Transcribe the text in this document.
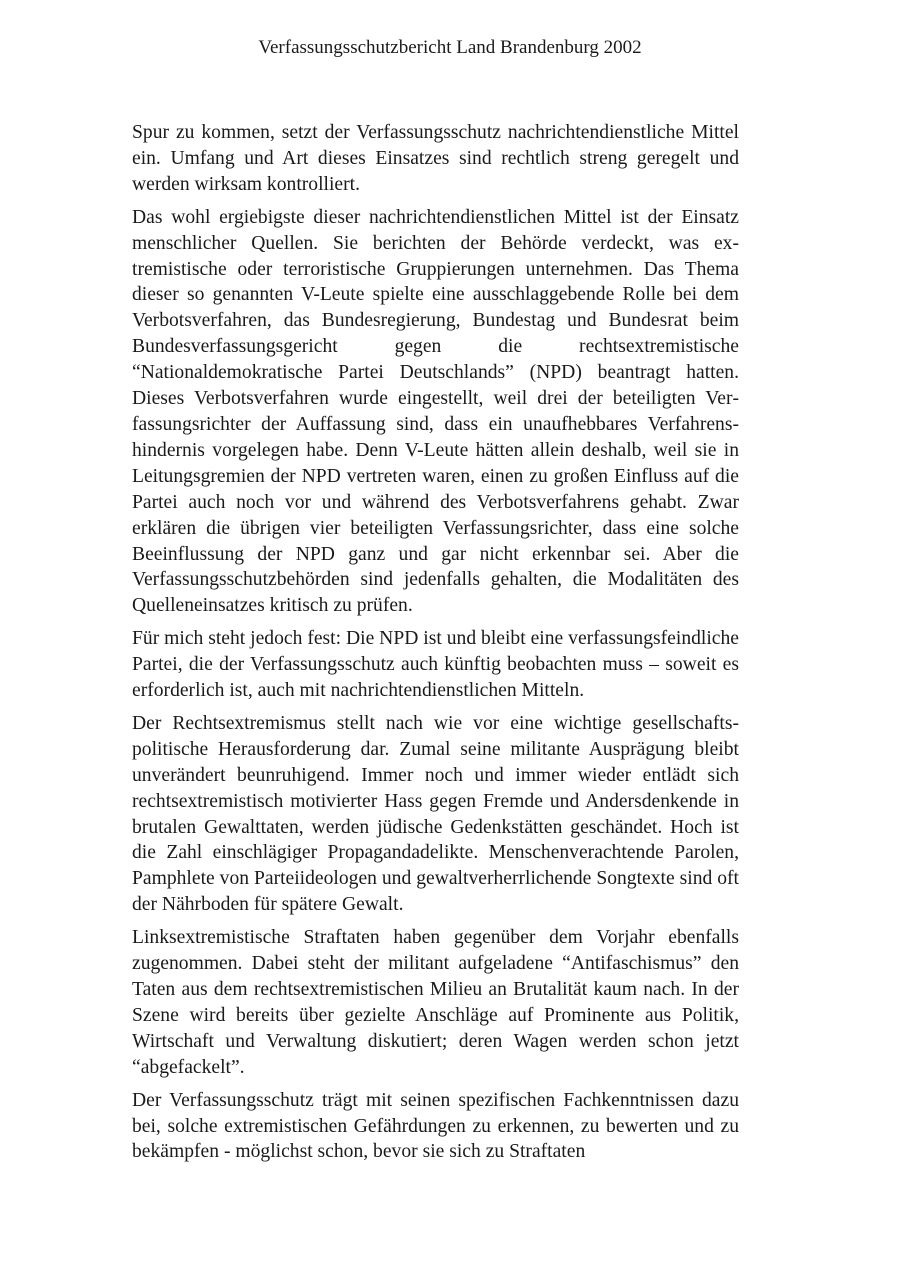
Verfassungsschutzbericht Land Brandenburg 2002

Spur zu kommen, setzt der Verfassungsschutz nachrichtendienstliche Mittel ein. Umfang und Art dieses Einsatzes sind rechtlich streng geregelt und werden wirksam kontrolliert.

Das wohl ergiebigste dieser nachrichtendienstlichen Mittel ist der Einsatz menschlicher Quellen. Sie berichten der Behörde verdeckt, was extremistische oder terroristische Gruppierungen unternehmen. Das Thema dieser so genannten V-Leute spielte eine ausschlaggebende Rolle bei dem Verbotsverfahren, das Bundesregierung, Bundestag und Bundesrat beim Bundesverfassungsgericht gegen die rechtsextremistische “Nationaldemokratische Partei Deutschlands” (NPD) beantragt hatten. Dieses Verbotsverfahren wurde eingestellt, weil drei der beteiligten Verfassungsrichter der Auffassung sind, dass ein unaufhebbares Verfahrenshindernis vorgelegen habe. Denn V-Leute hätten allein deshalb, weil sie in Leitungsgremien der NPD vertreten waren, einen zu großen Einfluss auf die Partei auch noch vor und während des Verbotsverfahrens gehabt. Zwar erklären die übrigen vier beteiligten Verfassungsrichter, dass eine solche Beeinflussung der NPD ganz und gar nicht erkennbar sei. Aber die Verfassungsschutzbehörden sind jedenfalls gehalten, die Modalitäten des Quelleneinsatzes kritisch zu prüfen.

Für mich steht jedoch fest: Die NPD ist und bleibt eine verfassungsfeindliche Partei, die der Verfassungsschutz auch künftig beobachten muss – soweit es erforderlich ist, auch mit nachrichtendienstlichen Mitteln.

Der Rechtsextremismus stellt nach wie vor eine wichtige gesellschaftspolitische Herausforderung dar. Zumal seine militante Ausprägung bleibt unverändert beunruhigend. Immer noch und immer wieder entlädt sich rechtsextremistisch motivierter Hass gegen Fremde und Andersdenkende in brutalen Gewalttaten, werden jüdische Gedenkstätten geschändet. Hoch ist die Zahl einschlägiger Propagandadelikte. Menschenverachtende Parolen, Pamphlete von Parteiideologen und gewaltverherrlichende Songtexte sind oft der Nährboden für spätere Gewalt.

Linksextremistische Straftaten haben gegenüber dem Vorjahr ebenfalls zugenommen. Dabei steht der militant aufgeladene “Antifaschismus” den Taten aus dem rechtsextremistischen Milieu an Brutalität kaum nach. In der Szene wird bereits über gezielte Anschläge auf Prominente aus Politik, Wirtschaft und Verwaltung diskutiert; deren Wagen werden schon jetzt “abgefackelt”.

Der Verfassungsschutz trägt mit seinen spezifischen Fachkenntnissen dazu bei, solche extremistischen Gefährdungen zu erkennen, zu bewerten und zu bekämpfen - möglichst schon, bevor sie sich zu Straftaten
